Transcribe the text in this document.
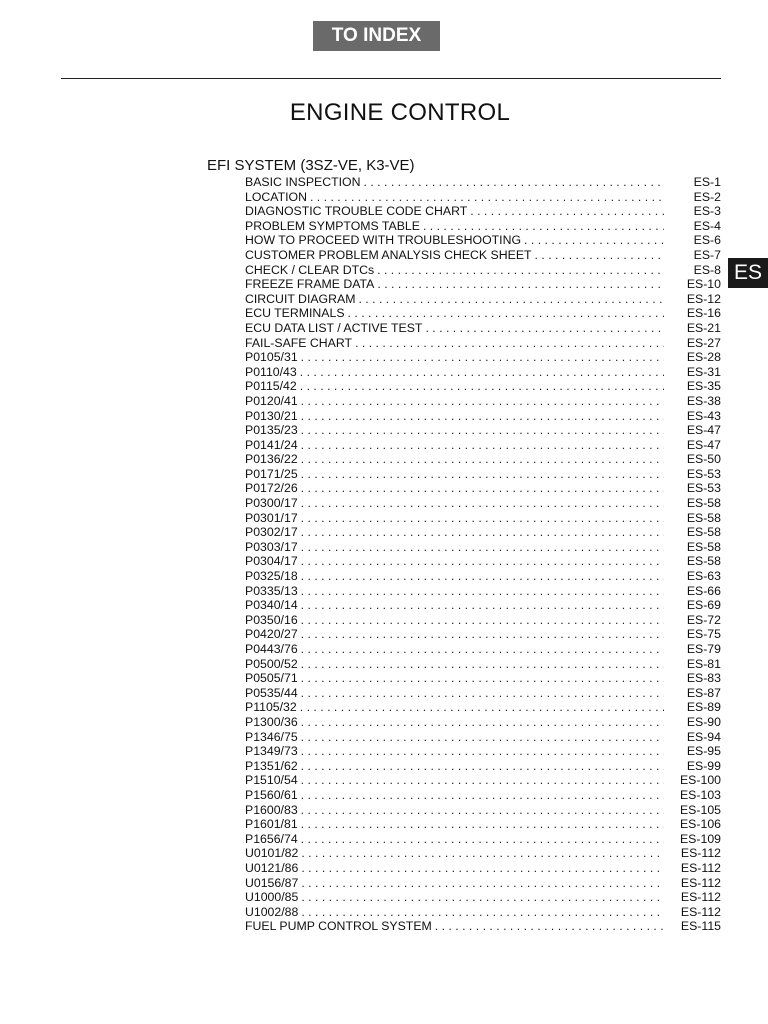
TO INDEX
ENGINE CONTROL
ES
EFI SYSTEM (3SZ-VE, K3-VE)
BASIC INSPECTION . . .	ES-1
LOCATION . . .	ES-2
DIAGNOSTIC TROUBLE CODE CHART . . .	ES-3
PROBLEM SYMPTOMS TABLE . . .	ES-4
HOW TO PROCEED WITH TROUBLESHOOTING . . .	ES-6
CUSTOMER PROBLEM ANALYSIS CHECK SHEET . . .	ES-7
CHECK / CLEAR DTCs . . .	ES-8
FREEZE FRAME DATA . . .	ES-10
CIRCUIT DIAGRAM . . .	ES-12
ECU TERMINALS . . .	ES-16
ECU DATA LIST / ACTIVE TEST . . .	ES-21
FAIL-SAFE CHART . . .	ES-27
P0105/31 . . .	ES-28
P0110/43 . . .	ES-31
P0115/42 . . .	ES-35
P0120/41 . . .	ES-38
P0130/21 . . .	ES-43
P0135/23 . . .	ES-47
P0141/24 . . .	ES-47
P0136/22 . . .	ES-50
P0171/25 . . .	ES-53
P0172/26 . . .	ES-53
P0300/17 . . .	ES-58
P0301/17 . . .	ES-58
P0302/17 . . .	ES-58
P0303/17 . . .	ES-58
P0304/17 . . .	ES-58
P0325/18 . . .	ES-63
P0335/13 . . .	ES-66
P0340/14 . . .	ES-69
P0350/16 . . .	ES-72
P0420/27 . . .	ES-75
P0443/76 . . .	ES-79
P0500/52 . . .	ES-81
P0505/71 . . .	ES-83
P0535/44 . . .	ES-87
P1105/32 . . .	ES-89
P1300/36 . . .	ES-90
P1346/75 . . .	ES-94
P1349/73 . . .	ES-95
P1351/62 . . .	ES-99
P1510/54 . . .	ES-100
P1560/61 . . .	ES-103
P1600/83 . . .	ES-105
P1601/81 . . .	ES-106
P1656/74 . . .	ES-109
U0101/82 . . .	ES-112
U0121/86 . . .	ES-112
U0156/87 . . .	ES-112
U1000/85 . . .	ES-112
U1002/88 . . .	ES-112
FUEL PUMP CONTROL SYSTEM . . .	ES-115
